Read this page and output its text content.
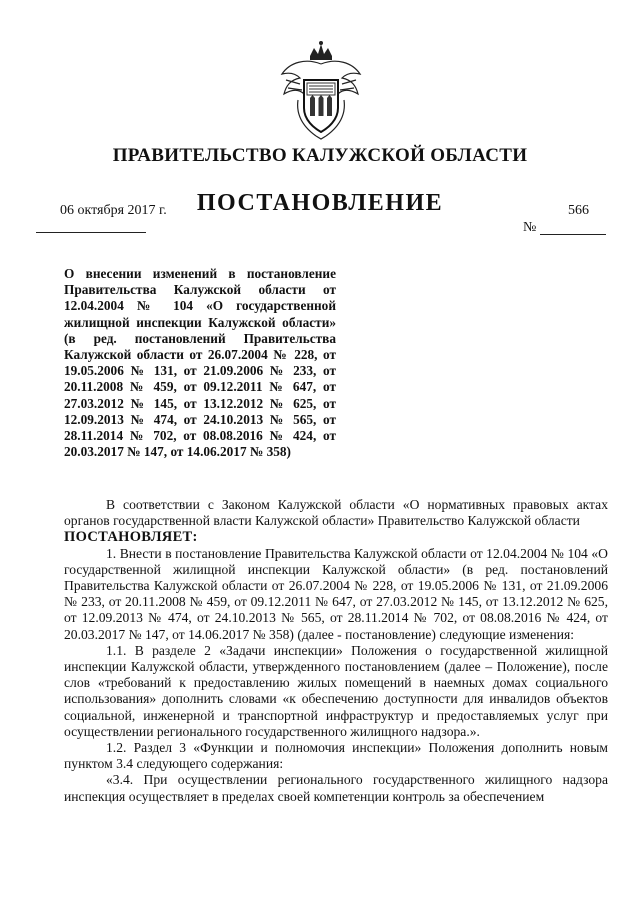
ПРАВИТЕЛЬСТВО КАЛУЖСКОЙ ОБЛАСТИ
ПОСТАНОВЛЕНИЕ
06 октября 2017 г.	566
№
О внесении изменений в постановление Правительства Калужской области от 12.04.2004 № 104 «О государственной жилищной инспекции Калужской области» (в ред. постановлений Правительства Калужской области от 26.07.2004 № 228, от 19.05.2006 № 131, от 21.09.2006 № 233, от 20.11.2008 № 459, от 09.12.2011 № 647, от 27.03.2012 № 145, от 13.12.2012 № 625, от 12.09.2013 № 474, от 24.10.2013 № 565, от 28.11.2014 № 702, от 08.08.2016 № 424, от 20.03.2017 № 147, от 14.06.2017 № 358)

В соответствии с Законом Калужской области «О нормативных правовых актах органов государственной власти Калужской области» Правительство Калужской области

ПОСТАНОВЛЯЕТ:

1. Внести в постановление Правительства Калужской области от 12.04.2004 № 104 «О государственной жилищной инспекции Калужской области» (в ред. постановлений Правительства Калужской области от 26.07.2004 № 228, от 19.05.2006 № 131, от 21.09.2006 № 233, от 20.11.2008 № 459, от 09.12.2011 № 647, от 27.03.2012 № 145, от 13.12.2012 № 625, от 12.09.2013 № 474, от 24.10.2013 № 565, от 28.11.2014 № 702, от 08.08.2016 № 424, от 20.03.2017 № 147, от 14.06.2017 № 358) (далее - постановление) следующие изменения:

1.1. В разделе 2 «Задачи инспекции» Положения о государственной жилищной инспекции Калужской области, утвержденного постановлением (далее – Положение), после слов «требований к предоставлению жилых помещений в наемных домах социального использования» дополнить словами «к обеспечению доступности для инвалидов объектов социальной, инженерной и транспортной инфраструктур и предоставляемых услуг при осуществлении регионального государственного жилищного надзора.».

1.2. Раздел 3 «Функции и полномочия инспекции» Положения дополнить новым пунктом 3.4 следующего содержания:

«3.4. При осуществлении регионального государственного жилищного надзора инспекция осуществляет в пределах своей компетенции контроль за обеспечением
